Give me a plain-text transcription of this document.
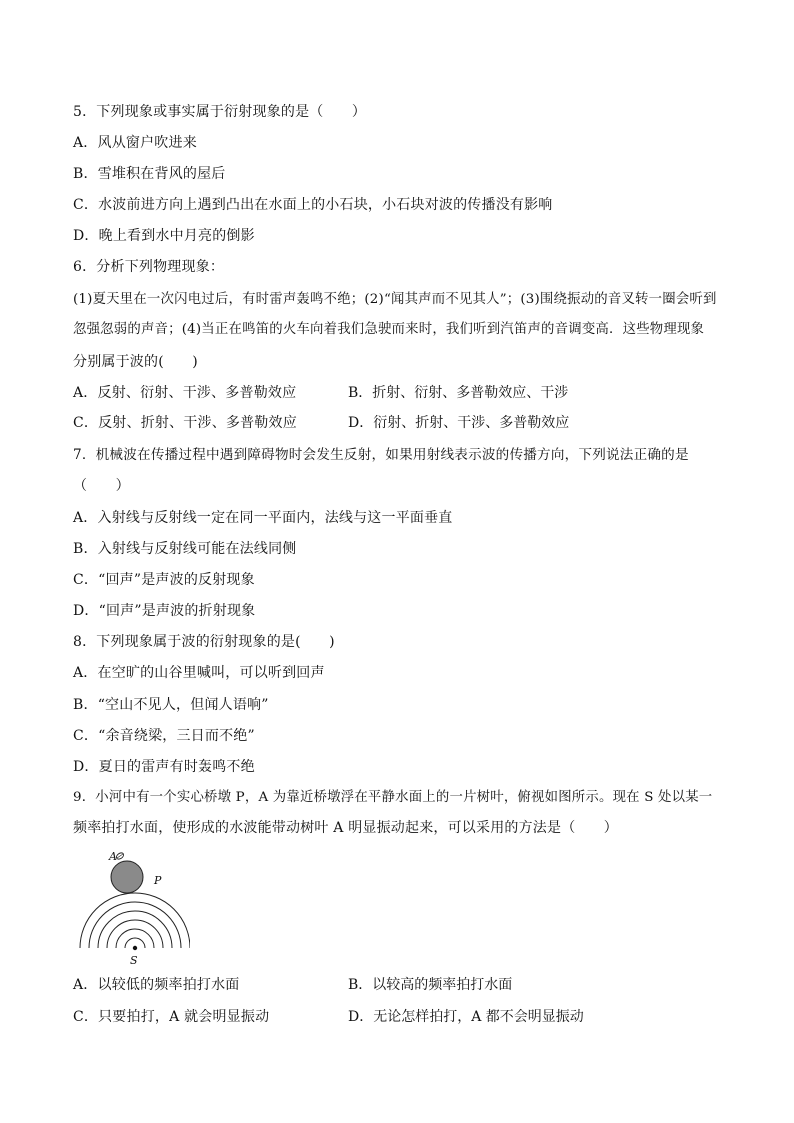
5．下列现象或事实属于衍射现象的是（　　）
A．风从窗户吹进来
B．雪堆积在背风的屋后
C．水波前进方向上遇到凸出在水面上的小石块，小石块对波的传播没有影响
D．晚上看到水中月亮的倒影
6．分析下列物理现象：
(1)夏天里在一次闪电过后，有时雷声轰鸣不绝；(2)“闻其声而不见其人”；(3)围绕振动的音叉转一圈会听到
忽强忽弱的声音；(4)当正在鸣笛的火车向着我们急驶而来时，我们听到汽笛声的音调变高．这些物理现象
分别属于波的(　　)
A．反射、衍射、干涉、多普勒效应	B．折射、衍射、多普勒效应、干涉
C．反射、折射、干涉、多普勒效应	D．衍射、折射、干涉、多普勒效应
7．机械波在传播过程中遇到障碍物时会发生反射，如果用射线表示波的传播方向，下列说法正确的是
（　　）
A．入射线与反射线一定在同一平面内，法线与这一平面垂直
B．入射线与反射线可能在法线同侧
C．“回声”是声波的反射现象
D．“回声”是声波的折射现象
8．下列现象属于波的衍射现象的是(　　)
A．在空旷的山谷里喊叫，可以听到回声
B．“空山不见人，但闻人语响”
C．“余音绕梁，三日而不绝”
D．夏日的雷声有时轰鸣不绝
9．小河中有一个实心桥墩 P，A 为靠近桥墩浮在平静水面上的一片树叶，俯视如图所示。现在 S 处以某一
频率拍打水面，使形成的水波能带动树叶 A 明显振动起来，可以采用的方法是（　　）
A
P
S
A．以较低的频率拍打水面	B．以较高的频率拍打水面
C．只要拍打，A 就会明显振动	D．无论怎样拍打，A 都不会明显振动
